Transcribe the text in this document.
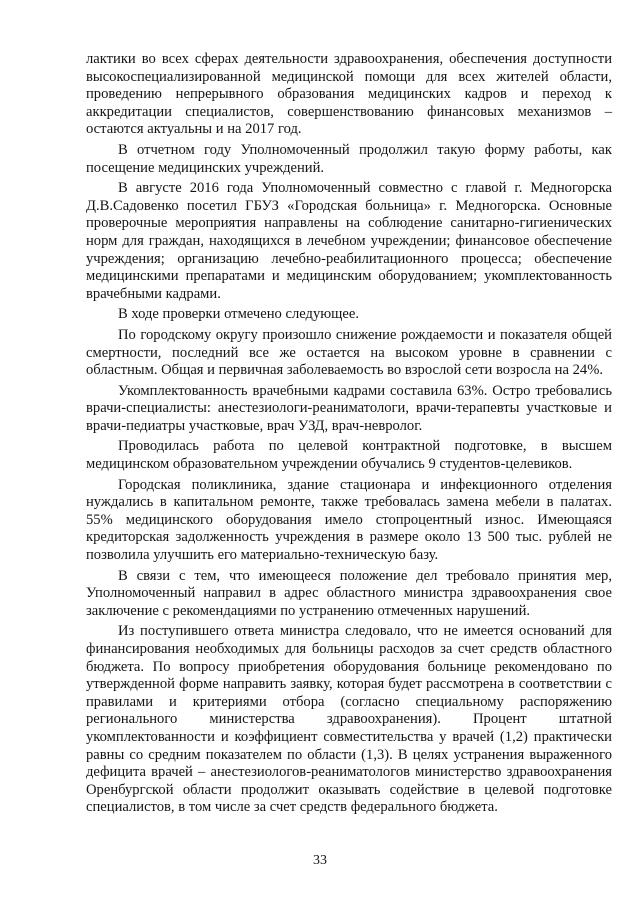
лактики во всех сферах деятельности здравоохранения, обеспечения доступности высокоспециализированной медицинской помощи для всех жителей области, проведению непрерывного образования медицинских кадров и переход к аккредитации специалистов, совершенствованию финансовых механизмов – остаются актуальны и на 2017 год.

В отчетном году Уполномоченный продолжил такую форму работы, как посещение медицинских учреждений.

В августе 2016 года Уполномоченный совместно с главой г. Медногорска Д.В.Садовенко посетил ГБУЗ «Городская больница» г. Медногорска. Основные проверочные мероприятия направлены на соблюдение санитарно-гигиенических норм для граждан, находящихся в лечебном учреждении; финансовое обеспечение учреждения; организацию лечебно-реабилитационного процесса; обеспечение медицинскими препаратами и медицинским оборудованием; укомплектованность врачебными кадрами.

В ходе проверки отмечено следующее.

По городскому округу произошло снижение рождаемости и показателя общей смертности, последний все же остается на высоком уровне в сравнении с областным. Общая и первичная заболеваемость во взрослой сети возросла на 24%.

Укомплектованность врачебными кадрами составила 63%. Остро требовались врачи-специалисты: анестезиологи-реаниматологи, врачи-терапевты участковые и врачи-педиатры участковые, врач УЗД, врач-невролог.

Проводилась работа по целевой контрактной подготовке, в высшем медицинском образовательном учреждении обучались 9 студентов-целевиков.

Городская поликлиника, здание стационара и инфекционного отделения нуждались в капитальном ремонте, также требовалась замена мебели в палатах. 55% медицинского оборудования имело стопроцентный износ. Имеющаяся кредиторская задолженность учреждения в размере около 13 500 тыс. рублей не позволила улучшить его материально-техническую базу.

В связи с тем, что имеющееся положение дел требовало принятия мер, Уполномоченный направил в адрес областного министра здравоохранения свое заключение с рекомендациями по устранению отмеченных нарушений.

Из поступившего ответа министра следовало, что не имеется оснований для финансирования необходимых для больницы расходов за счет средств областного бюджета. По вопросу приобретения оборудования больнице рекомендовано по утвержденной форме направить заявку, которая будет рассмотрена в соответствии с правилами и критериями отбора (согласно специальному распоряжению регионального министерства здравоохранения). Процент штатной укомплектованности и коэффициент совместительства у врачей (1,2) практически равны со средним показателем по области (1,3). В целях устранения выраженного дефицита врачей – анестезиологов-реаниматологов министерство здравоохранения Оренбургской области продолжит оказывать содействие в целевой подготовке специалистов, в том числе за счет средств федерального бюджета.

33
